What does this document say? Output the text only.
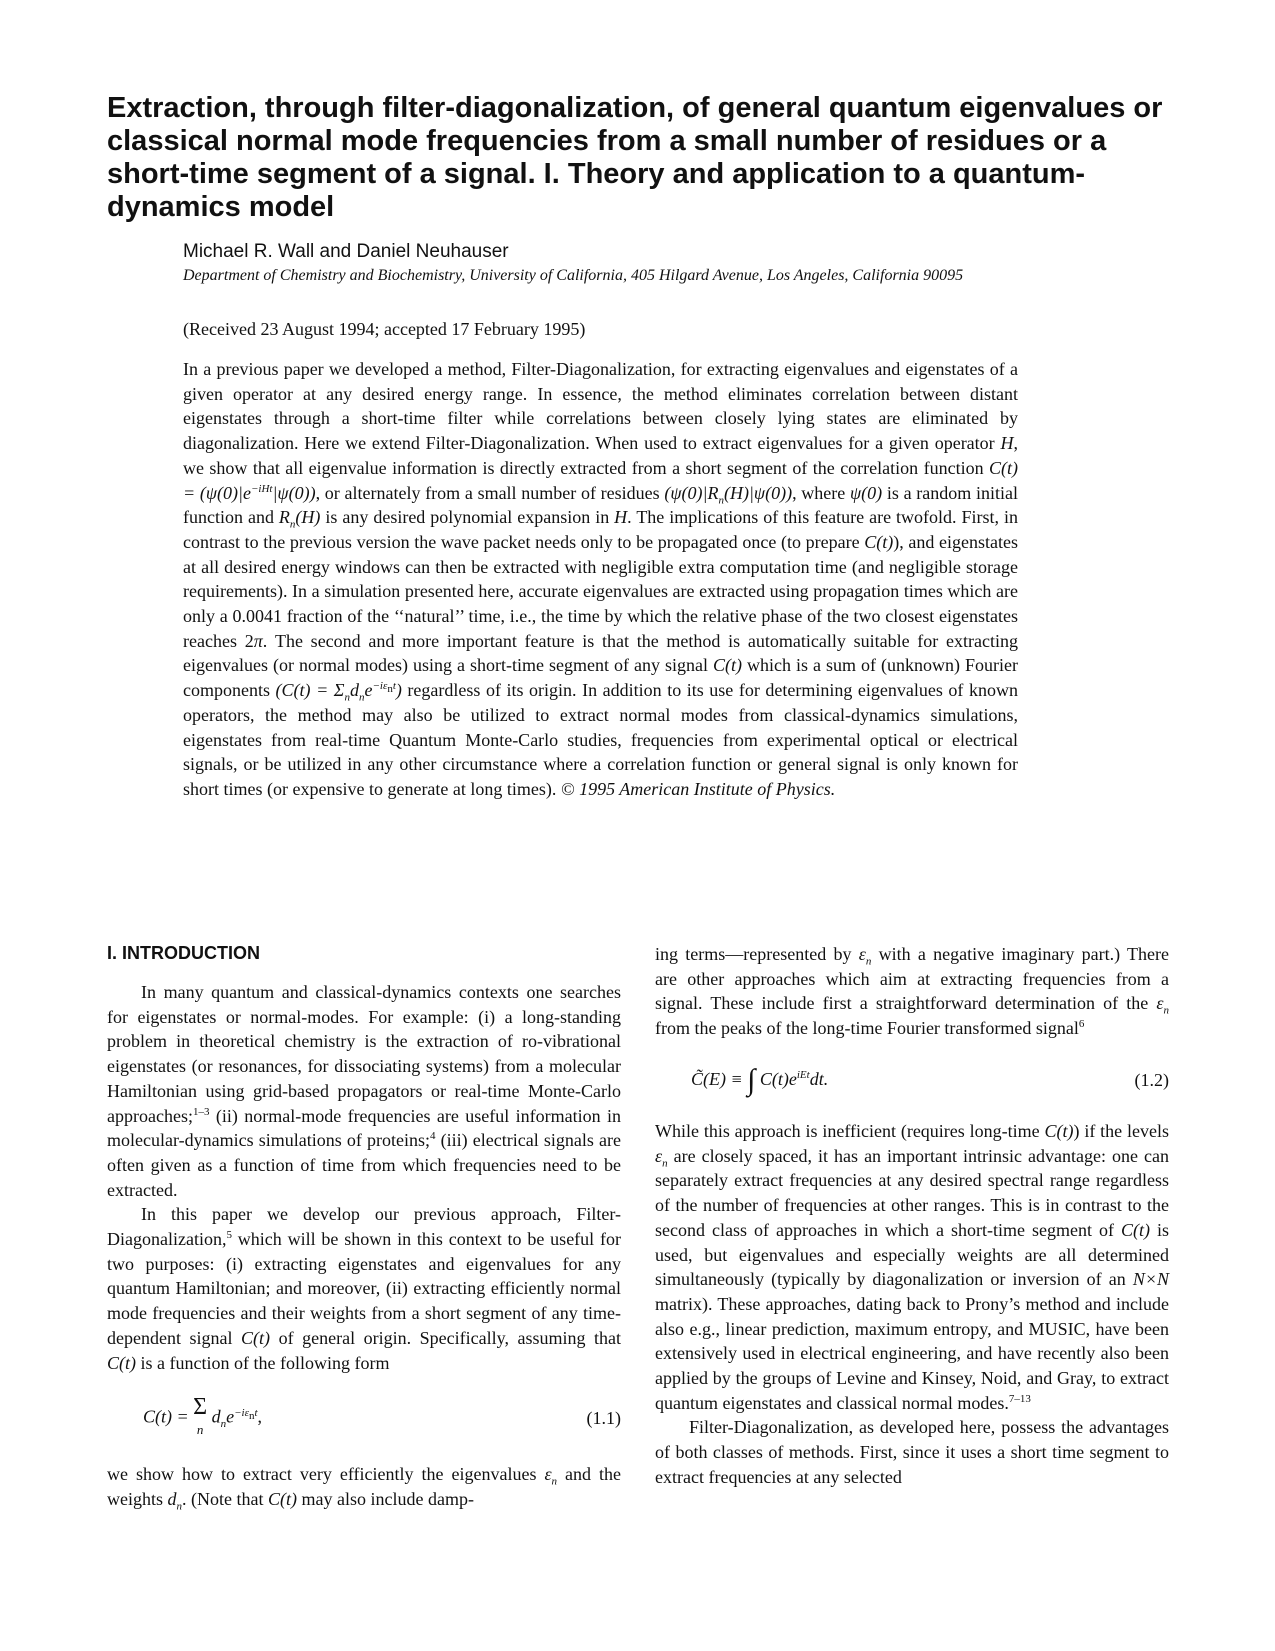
Extraction, through filter-diagonalization, of general quantum eigenvalues or classical normal mode frequencies from a small number of residues or a short-time segment of a signal. I. Theory and application to a quantum-dynamics model
Michael R. Wall and Daniel Neuhauser
Department of Chemistry and Biochemistry, University of California, 405 Hilgard Avenue, Los Angeles, California 90095
(Received 23 August 1994; accepted 17 February 1995)

In a previous paper we developed a method, Filter-Diagonalization, for extracting eigenvalues and eigenstates of a given operator at any desired energy range. In essence, the method eliminates correlation between distant eigenstates through a short-time filter while correlations between closely lying states are eliminated by diagonalization. Here we extend Filter-Diagonalization. When used to extract eigenvalues for a given operator H, we show that all eigenvalue information is directly extracted from a short segment of the correlation function $C(t) = (\psi(0)|e^{-iHt}|\psi(0))$, or alternately from a small number of residues $(\psi(0)|R_n(H)|\psi(0))$, where ψ(0) is a random initial function and $R_n(H)$ is any desired polynomial expansion in H. The implications of this feature are twofold. First, in contrast to the previous version the wave packet needs only to be propagated once (to prepare C(t)), and eigenstates at all desired energy windows can then be extracted with negligible extra computation time (and negligible storage requirements). In a simulation presented here, accurate eigenvalues are extracted using propagation times which are only a 0.0041 fraction of the ‘‘natural’’ time, i.e., the time by which the relative phase of the two closest eigenstates reaches 2π. The second and more important feature is that the method is automatically suitable for extracting eigenvalues (or normal modes) using a short-time segment of any signal C(t) which is a sum of (unknown) Fourier components $(C(t) = \Sigma_nd_ne^{-i\varepsilon_nt})$ regardless of its origin. In addition to its use for determining eigenvalues of known operators, the method may also be utilized to extract normal modes from classical-dynamics simulations, eigenstates from real-time Quantum Monte-Carlo studies, frequencies from experimental optical or electrical signals, or be utilized in any other circumstance where a correlation function or general signal is only known for short times (or expensive to generate at long times). © 1995 American Institute of Physics.

I. INTRODUCTION

In many quantum and classical-dynamics contexts one searches for eigenstates or normal-modes. For example: (i) a long-standing problem in theoretical chemistry is the extraction of ro-vibrational eigenstates (or resonances, for dissociating systems) from a molecular Hamiltonian using grid-based propagators or real-time Monte-Carlo approaches;$^{1-3}$ (ii) normal-mode frequencies are useful information in molecular-dynamics simulations of proteins;$^4$ (iii) electrical signals are often given as a function of time from which frequencies need to be extracted.

In this paper we develop our previous approach, Filter-Diagonalization,$^5$ which will be shown in this context to be useful for two purposes: (i) extracting eigenstates and eigenvalues for any quantum Hamiltonian; and moreover, (ii) extracting efficiently normal mode frequencies and their weights from a short segment of any time-dependent signal C(t) of general origin. Specifically, assuming that C(t) is a function of the following form

C(t) = Σ
n $d_ne^{-i\varepsilon_nt}$,	(1.1)

we show how to extract very efficiently the eigenvalues $\varepsilon_n$ and the weights $d_n$. (Note that C(t) may also include damp-

ing terms—represented by $\varepsilon_n$ with a negative imaginary part.) There are other approaches which aim at extracting frequencies from a signal. These include first a straightforward determination of the $\varepsilon_n$ from the peaks of the long-time Fourier transformed signal$^6$

C̃(E) ≡ ∫ $C(t)e^{iEt}dt$.	(1.2)

While this approach is inefficient (requires long-time C(t)) if the levels $\varepsilon_n$ are closely spaced, it has an important intrinsic advantage: one can separately extract frequencies at any desired spectral range regardless of the number of frequencies at other ranges. This is in contrast to the second class of approaches in which a short-time segment of C(t) is used, but eigenvalues and especially weights are all determined simultaneously (typically by diagonalization or inversion of an N×N matrix). These approaches, dating back to Prony’s method and include also e.g., linear prediction, maximum entropy, and MUSIC, have been extensively used in electrical engineering, and have recently also been applied by the groups of Levine and Kinsey, Noid, and Gray, to extract quantum eigenstates and classical normal modes.$^{7-13}$

Filter-Diagonalization, as developed here, possess the advantages of both classes of methods. First, since it uses a short time segment to extract frequencies at any selected
